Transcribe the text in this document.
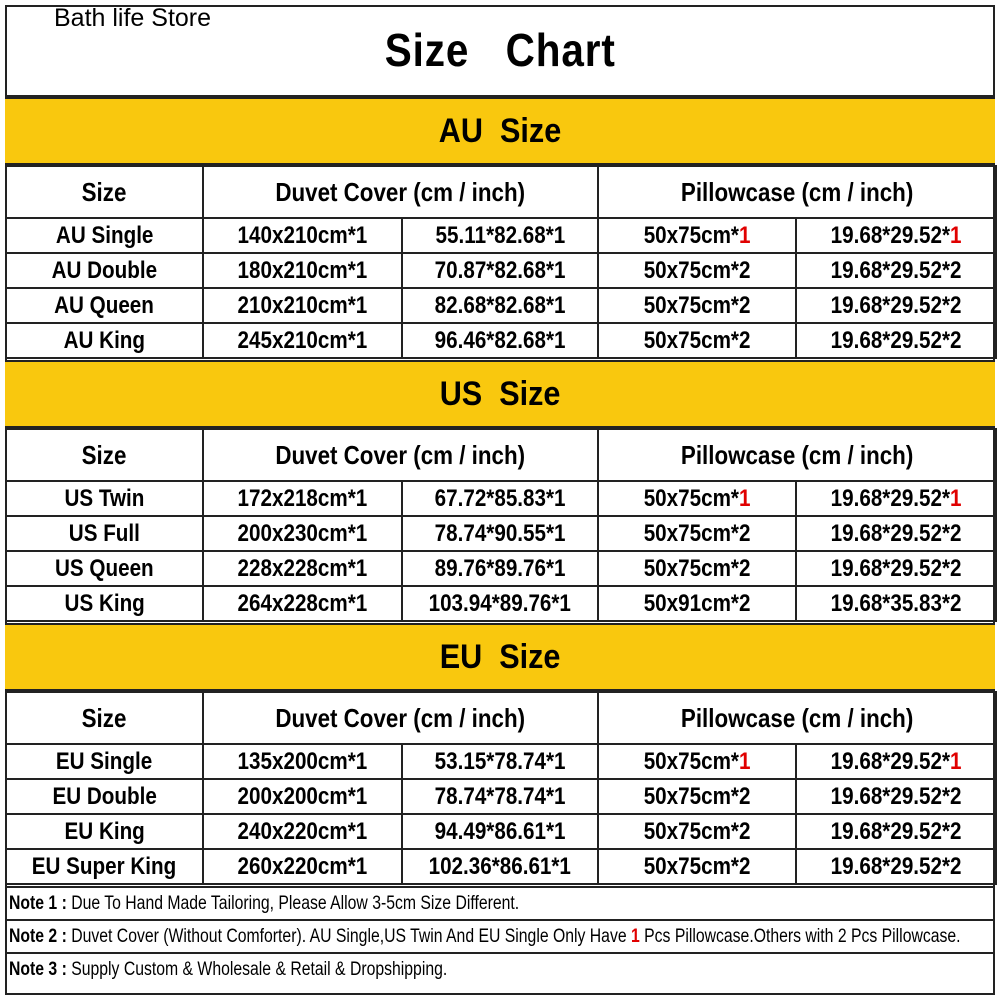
Size   Chart
Bath life Store
AU  Size
Size	Duvet Cover (cm / inch)		Pillowcase (cm / inch)	
AU Single	140x210cm*1	55.11*82.68*1	50x75cm*1	19.68*29.52*1
AU Double	180x210cm*1	70.87*82.68*1	50x75cm*2	19.68*29.52*2
AU Queen	210x210cm*1	82.68*82.68*1	50x75cm*2	19.68*29.52*2
AU King	245x210cm*1	96.46*82.68*1	50x75cm*2	19.68*29.52*2
US  Size
Size	Duvet Cover (cm / inch)		Pillowcase (cm / inch)	
US Twin	172x218cm*1	67.72*85.83*1	50x75cm*1	19.68*29.52*1
US Full	200x230cm*1	78.74*90.55*1	50x75cm*2	19.68*29.52*2
US Queen	228x228cm*1	89.76*89.76*1	50x75cm*2	19.68*29.52*2
US King	264x228cm*1	103.94*89.76*1	50x91cm*2	19.68*35.83*2
EU  Size
Size	Duvet Cover (cm / inch)		Pillowcase (cm / inch)	
EU Single	135x200cm*1	53.15*78.74*1	50x75cm*1	19.68*29.52*1
EU Double	200x200cm*1	78.74*78.74*1	50x75cm*2	19.68*29.52*2
EU King	240x220cm*1	94.49*86.61*1	50x75cm*2	19.68*29.52*2
EU Super King	260x220cm*1	102.36*86.61*1	50x75cm*2	19.68*29.52*2
Note 1 : Due To Hand Made Tailoring, Please Allow 3-5cm Size Different.
Note 2 : Duvet Cover (Without Comforter). AU Single,US Twin And EU Single Only Have 1 Pcs Pillowcase.Others with 2 Pcs Pillowcase.
Note 3 : Supply Custom & Wholesale & Retail & Dropshipping.
